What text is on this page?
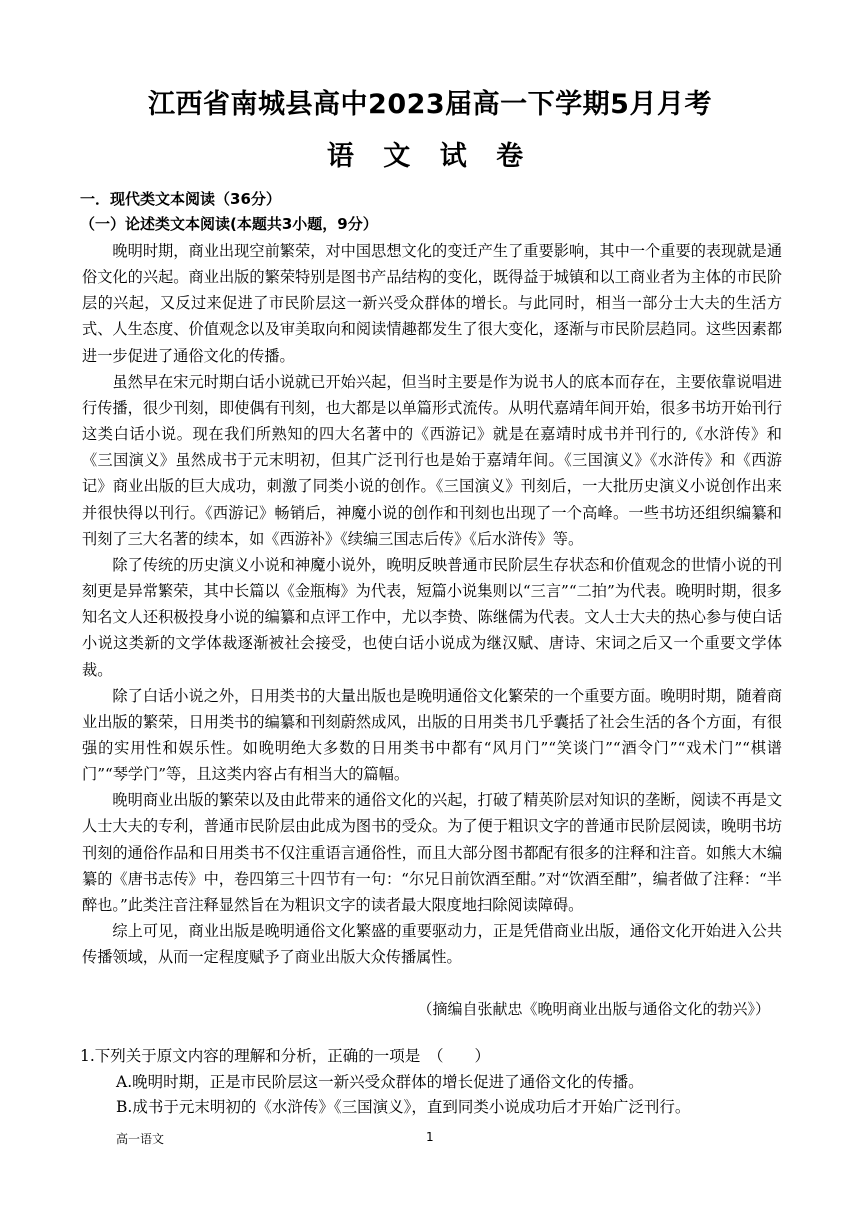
江西省南城县高中2023届高一下学期5月月考
语 文 试 卷
一．现代类文本阅读（36分）
（一）论述类文本阅读(本题共3小题，9分）

晚明时期，商业出现空前繁荣，对中国思想文化的变迁产生了重要影响，其中一个重要的表现就是通俗文化的兴起。商业出版的繁荣特别是图书产品结构的变化，既得益于城镇和以工商业者为主体的市民阶层的兴起，又反过来促进了市民阶层这一新兴受众群体的增长。与此同时，相当一部分士大夫的生活方式、人生态度、价值观念以及审美取向和阅读情趣都发生了很大变化，逐渐与市民阶层趋同。这些因素都进一步促进了通俗文化的传播。

虽然早在宋元时期白话小说就已开始兴起，但当时主要是作为说书人的底本而存在，主要依靠说唱进行传播，很少刊刻，即使偶有刊刻，也大都是以单篇形式流传。从明代嘉靖年间开始，很多书坊开始刊行这类白话小说。现在我们所熟知的四大名著中的《西游记》就是在嘉靖时成书并刊行的,《水浒传》和《三国演义》虽然成书于元末明初，但其广泛刊行也是始于嘉靖年间。《三国演义》《水浒传》和《西游记》商业出版的巨大成功，刺激了同类小说的创作。《三国演义》刊刻后，一大批历史演义小说创作出来并很快得以刊行。《西游记》畅销后，神魔小说的创作和刊刻也出现了一个高峰。一些书坊还组织编纂和刊刻了三大名著的续本，如《西游补》《续编三国志后传》《后水浒传》等。

除了传统的历史演义小说和神魔小说外，晚明反映普通市民阶层生存状态和价值观念的世情小说的刊刻更是异常繁荣，其中长篇以《金瓶梅》为代表，短篇小说集则以“三言”“二拍”为代表。晚明时期，很多知名文人还积极投身小说的编纂和点评工作中，尤以李贽、陈继儒为代表。文人士大夫的热心参与使白话小说这类新的文学体裁逐渐被社会接受，也使白话小说成为继汉赋、唐诗、宋词之后又一个重要文学体裁。

除了白话小说之外，日用类书的大量出版也是晚明通俗文化繁荣的一个重要方面。晚明时期，随着商业出版的繁荣，日用类书的编纂和刊刻蔚然成风，出版的日用类书几乎囊括了社会生活的各个方面，有很强的实用性和娱乐性。如晚明绝大多数的日用类书中都有“风月门”“笑谈门”“酒令门”“戏术门”“棋谱门”“琴学门”等，且这类内容占有相当大的篇幅。

晚明商业出版的繁荣以及由此带来的通俗文化的兴起，打破了精英阶层对知识的垄断，阅读不再是文人士大夫的专利，普通市民阶层由此成为图书的受众。为了便于粗识文字的普通市民阶层阅读，晚明书坊刊刻的通俗作品和日用类书不仅注重语言通俗性，而且大部分图书都配有很多的注释和注音。如熊大木编纂的《唐书志传》中，卷四第三十四节有一句：“尔兄日前饮酒至酣。”对“饮酒至酣”，编者做了注释：“半醉也。”此类注音注释显然旨在为粗识文字的读者最大限度地扫除阅读障碍。

综上可见，商业出版是晚明通俗文化繁盛的重要驱动力，正是凭借商业出版，通俗文化开始进入公共传播领域，从而一定程度赋予了商业出版大众传播属性。

（摘编自张献忠《晚明商业出版与通俗文化的勃兴》）
1.下列关于原文内容的理解和分析，正确的一项是　（　　）
A.晚明时期，正是市民阶层这一新兴受众群体的增长促进了通俗文化的传播。
B.成书于元末明初的《水浒传》《三国演义》，直到同类小说成功后才开始广泛刊行。
高一语文	1
